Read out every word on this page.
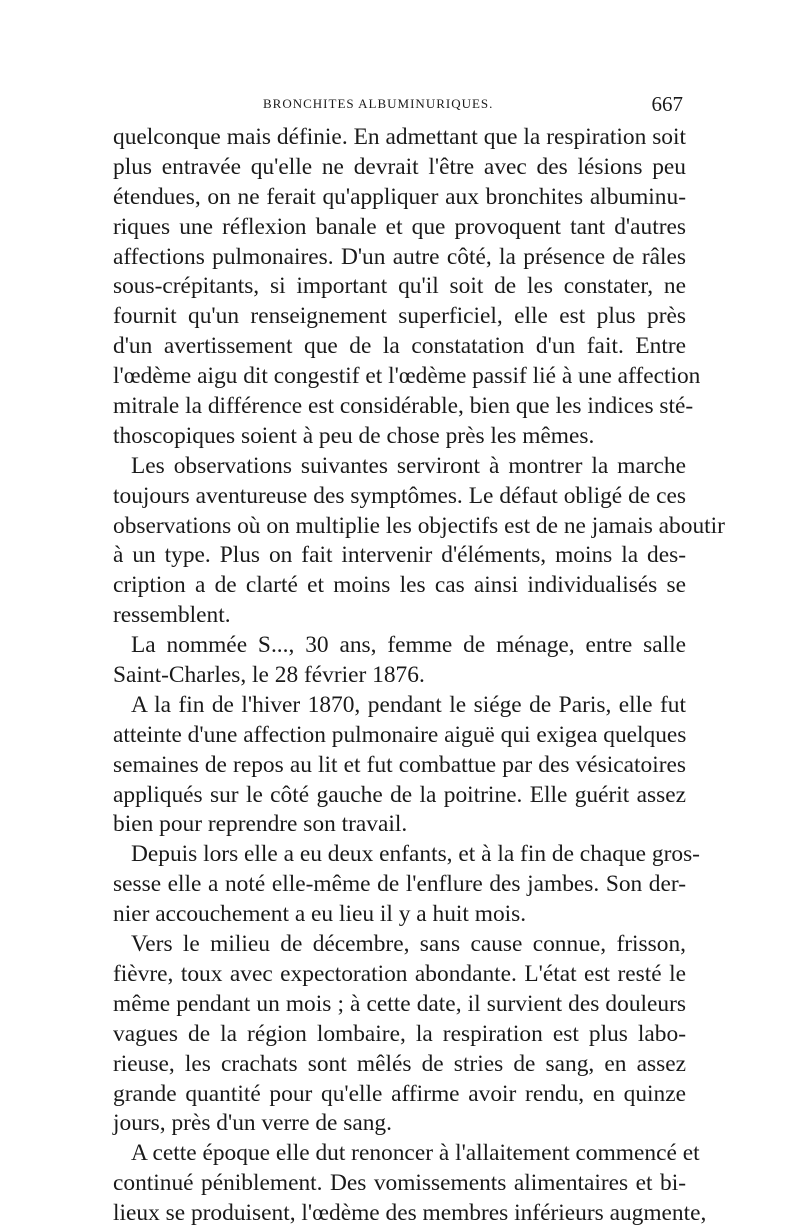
BRONCHITES ALBUMINURIQUES.	667
quelconque mais définie. En admettant que la respiration soit
plus entravée qu'elle ne devrait l'être avec des lésions peu
étendues, on ne ferait qu'appliquer aux bronchites albuminu-
riques une réflexion banale et que provoquent tant d'autres
affections pulmonaires. D'un autre côté, la présence de râles
sous-crépitants, si important qu'il soit de les constater, ne
fournit qu'un renseignement superficiel, elle est plus près
d'un avertissement que de la constatation d'un fait. Entre
l'œdème aigu dit congestif et l'œdème passif lié à une affection
mitrale la différence est considérable, bien que les indices sté-
thoscopiques soient à peu de chose près les mêmes.
Les observations suivantes serviront à montrer la marche
toujours aventureuse des symptômes. Le défaut obligé de ces
observations où on multiplie les objectifs est de ne jamais aboutir
à un type. Plus on fait intervenir d'éléments, moins la des-
cription a de clarté et moins les cas ainsi individualisés se
ressemblent.
La nommée S..., 30 ans, femme de ménage, entre salle
Saint-Charles, le 28 février 1876.
A la fin de l'hiver 1870, pendant le siége de Paris, elle fut
atteinte d'une affection pulmonaire aiguë qui exigea quelques
semaines de repos au lit et fut combattue par des vésicatoires
appliqués sur le côté gauche de la poitrine. Elle guérit assez
bien pour reprendre son travail.
Depuis lors elle a eu deux enfants, et à la fin de chaque gros-
sesse elle a noté elle-même de l'enflure des jambes. Son der-
nier accouchement a eu lieu il y a huit mois.
Vers le milieu de décembre, sans cause connue, frisson,
fièvre, toux avec expectoration abondante. L'état est resté le
même pendant un mois ; à cette date, il survient des douleurs
vagues de la région lombaire, la respiration est plus labo-
rieuse, les crachats sont mêlés de stries de sang, en assez
grande quantité pour qu'elle affirme avoir rendu, en quinze
jours, près d'un verre de sang.
A cette époque elle dut renoncer à l'allaitement commencé et
continué péniblement. Des vomissements alimentaires et bi-
lieux se produisent, l'œdème des membres inférieurs augmente,
